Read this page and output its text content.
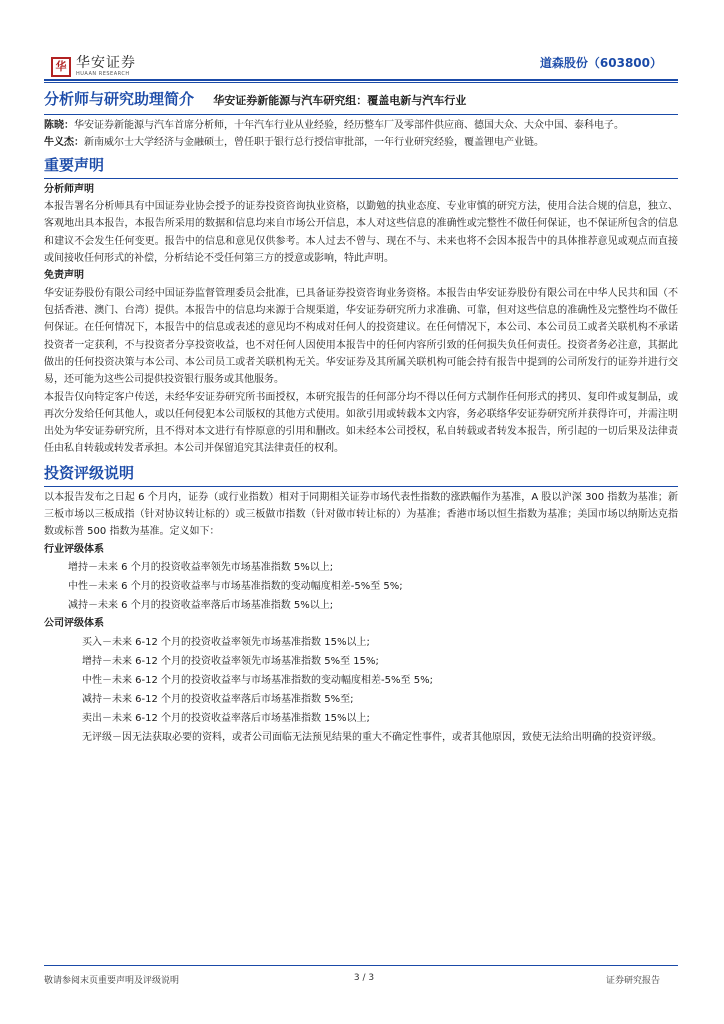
华 华安证券
HUAAN RESEARCH
道森股份（603800）
分析师与研究助理简介 华安证券新能源与汽车研究组：覆盖电新与汽车行业

陈晓：华安证券新能源与汽车首席分析师，十年汽车行业从业经验，经历整车厂及零部件供应商、德国大众、大众中国、泰科电子。

牛义杰：新南威尔士大学经济与金融硕士，曾任职于银行总行授信审批部，一年行业研究经验，覆盖锂电产业链。

重要声明

分析师声明

本报告署名分析师具有中国证券业协会授予的证券投资咨询执业资格，以勤勉的执业态度、专业审慎的研究方法，使用合法合规的信息，独立、客观地出具本报告，本报告所采用的数据和信息均来自市场公开信息，本人对这些信息的准确性或完整性不做任何保证，也不保证所包含的信息和建议不会发生任何变更。报告中的信息和意见仅供参考。本人过去不曾与、现在不与、未来也将不会因本报告中的具体推荐意见或观点而直接或间接收任何形式的补偿，分析结论不受任何第三方的授意或影响，特此声明。

免责声明

华安证券股份有限公司经中国证券监督管理委员会批准，已具备证券投资咨询业务资格。本报告由华安证券股份有限公司在中华人民共和国（不包括香港、澳门、台湾）提供。本报告中的信息均来源于合规渠道，华安证券研究所力求准确、可靠，但对这些信息的准确性及完整性均不做任何保证。在任何情况下，本报告中的信息或表述的意见均不构成对任何人的投资建议。在任何情况下，本公司、本公司员工或者关联机构不承诺投资者一定获利，不与投资者分享投资收益，也不对任何人因使用本报告中的任何内容所引致的任何损失负任何责任。投资者务必注意，其据此做出的任何投资决策与本公司、本公司员工或者关联机构无关。华安证券及其所属关联机构可能会持有报告中提到的公司所发行的证券并进行交易，还可能为这些公司提供投资银行服务或其他服务。

本报告仅向特定客户传送，未经华安证券研究所书面授权，本研究报告的任何部分均不得以任何方式制作任何形式的拷贝、复印件或复制品，或再次分发给任何其他人，或以任何侵犯本公司版权的其他方式使用。如欲引用或转载本文内容，务必联络华安证券研究所并获得许可，并需注明出处为华安证券研究所，且不得对本文进行有悖原意的引用和删改。如未经本公司授权，私自转载或者转发本报告，所引起的一切后果及法律责任由私自转载或转发者承担。本公司并保留追究其法律责任的权利。

投资评级说明

以本报告发布之日起 6 个月内，证券（或行业指数）相对于同期相关证券市场代表性指数的涨跌幅作为基准，A 股以沪深 300 指数为基准；新三板市场以三板成指（针对协议转让标的）或三板做市指数（针对做市转让标的）为基准；香港市场以恒生指数为基准；美国市场以纳斯达克指数或标普 500 指数为基准。定义如下：

行业评级体系

增持－未来 6 个月的投资收益率领先市场基准指数 5%以上;

中性－未来 6 个月的投资收益率与市场基准指数的变动幅度相差-5%至 5%;

减持－未来 6 个月的投资收益率落后市场基准指数 5%以上;

公司评级体系

买入－未来 6-12 个月的投资收益率领先市场基准指数 15%以上;

增持－未来 6-12 个月的投资收益率领先市场基准指数 5%至 15%;

中性－未来 6-12 个月的投资收益率与市场基准指数的变动幅度相差-5%至 5%;

减持－未来 6-12 个月的投资收益率落后市场基准指数 5%至;

卖出－未来 6-12 个月的投资收益率落后市场基准指数 15%以上;

无评级－因无法获取必要的资料，或者公司面临无法预见结果的重大不确定性事件，或者其他原因，致使无法给出明确的投资评级。

敬请参阅末页重要声明及评级说明	3 / 3	证券研究报告
